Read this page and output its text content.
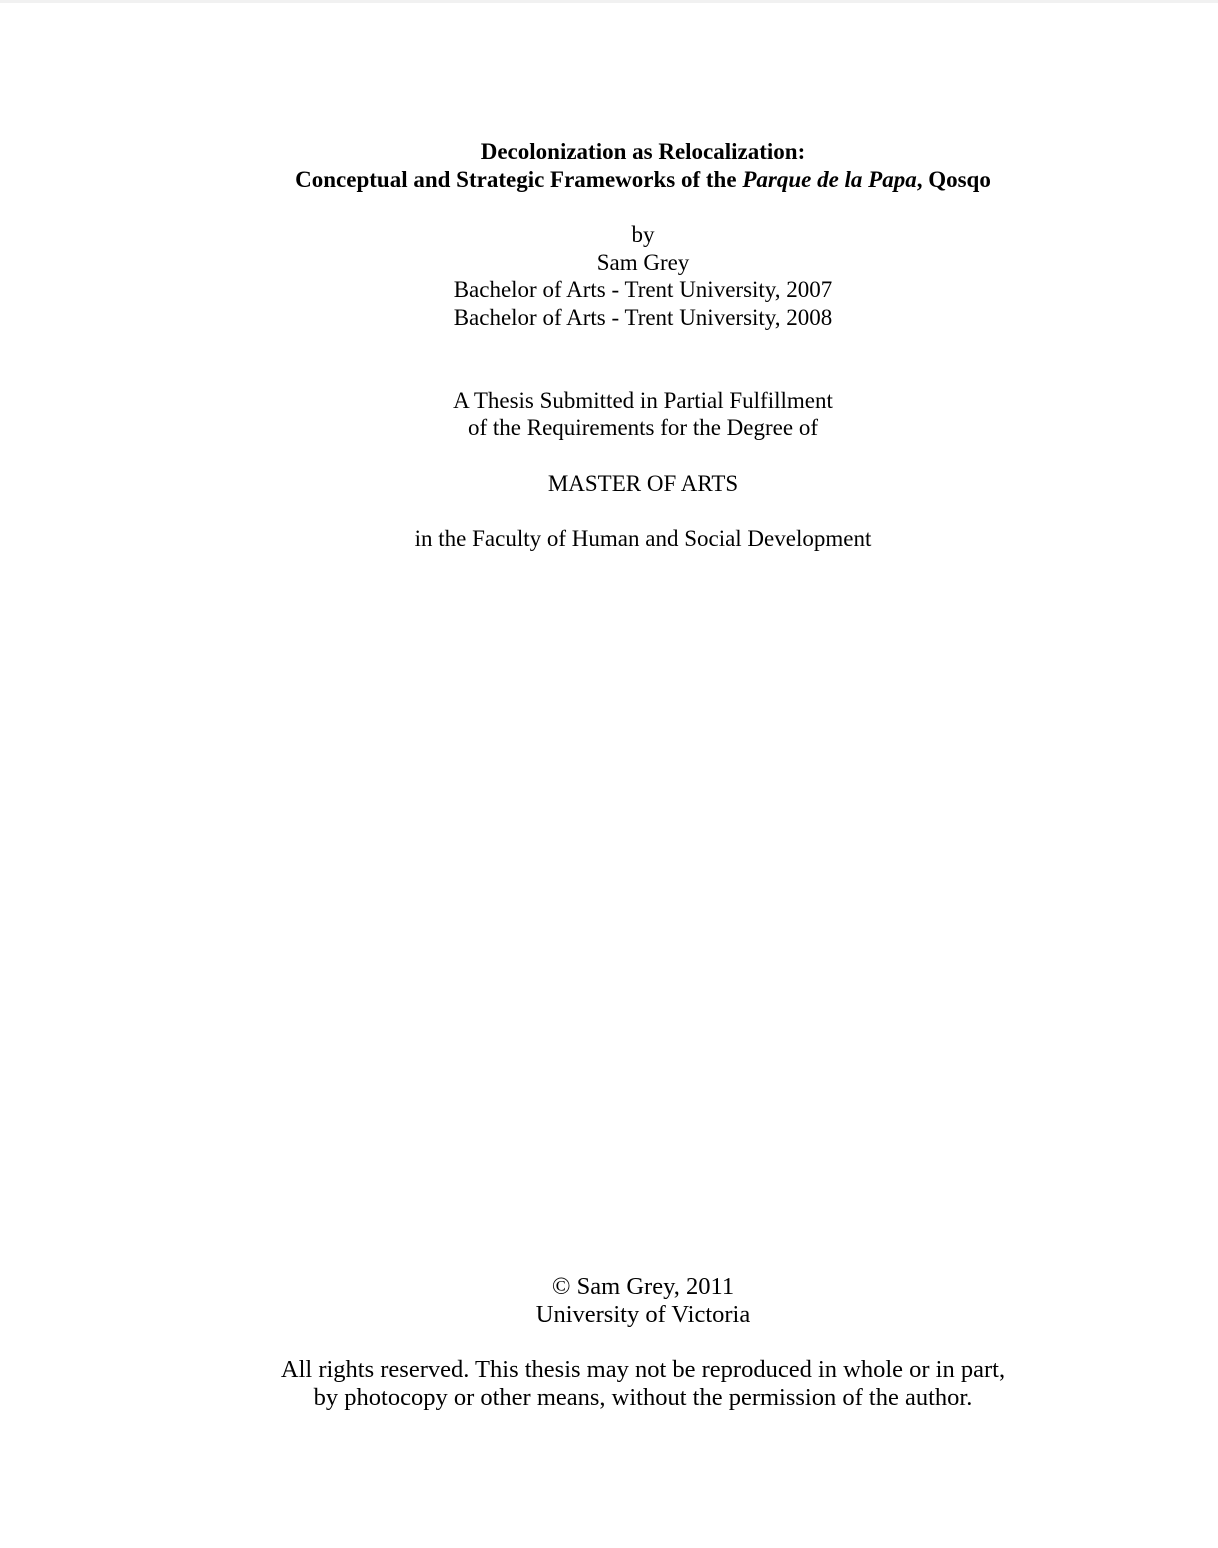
Decolonization as Relocalization:
Conceptual and Strategic Frameworks of the Parque de la Papa, Qosqo
by
Sam Grey
Bachelor of Arts - Trent University, 2007
Bachelor of Arts - Trent University, 2008
A Thesis Submitted in Partial Fulfillment
of the Requirements for the Degree of
MASTER OF ARTS
in the Faculty of Human and Social Development
© Sam Grey, 2011
University of Victoria
All rights reserved. This thesis may not be reproduced in whole or in part,
by photocopy or other means, without the permission of the author.
